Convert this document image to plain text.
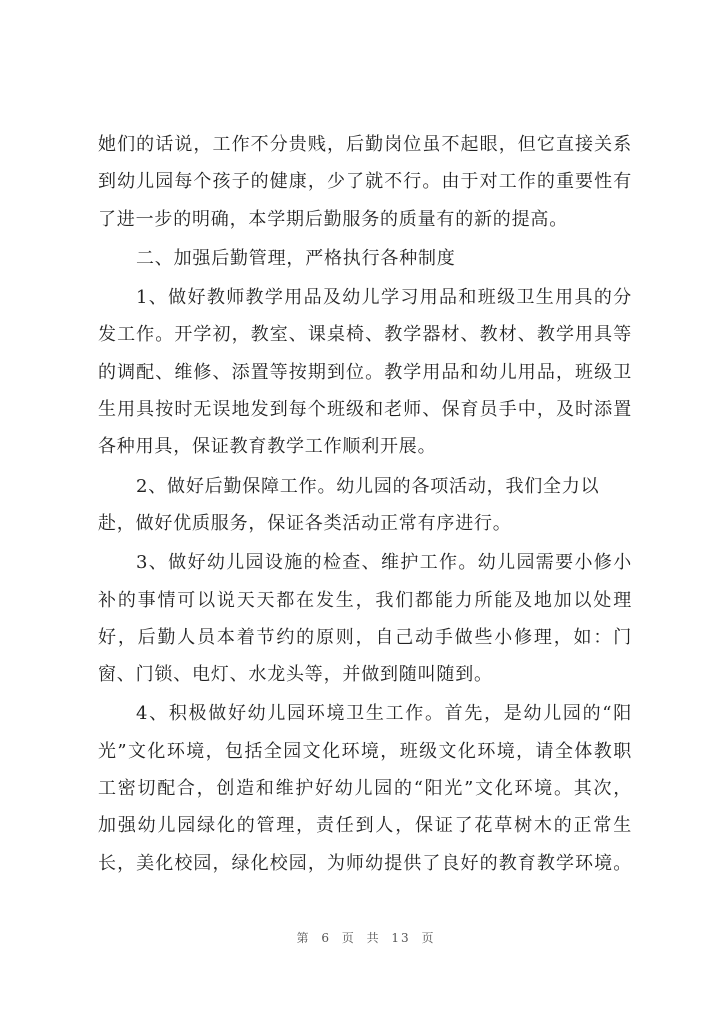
她们的话说，工作不分贵贱，后勤岗位虽不起眼，但它直接关系
到幼儿园每个孩子的健康，少了就不行。由于对工作的重要性有
了进一步的明确，本学期后勤服务的质量有的新的提高。
二、加强后勤管理，严格执行各种制度
1、做好教师教学用品及幼儿学习用品和班级卫生用具的分
发工作。开学初，教室、课桌椅、教学器材、教材、教学用具等
的调配、维修、添置等按期到位。教学用品和幼儿用品，班级卫
生用具按时无误地发到每个班级和老师、保育员手中，及时添置
各种用具，保证教育教学工作顺利开展。
2、做好后勤保障工作。幼儿园的各项活动，我们全力以
赴，做好优质服务，保证各类活动正常有序进行。
3、做好幼儿园设施的检查、维护工作。幼儿园需要小修小
补的事情可以说天天都在发生，我们都能力所能及地加以处理
好，后勤人员本着节约的原则，自己动手做些小修理，如：门
窗、门锁、电灯、水龙头等，并做到随叫随到。
4、积极做好幼儿园环境卫生工作。首先，是幼儿园的“阳
光”文化环境，包括全园文化环境，班级文化环境，请全体教职
工密切配合，创造和维护好幼儿园的“阳光”文化环境。其次，
加强幼儿园绿化的管理，责任到人，保证了花草树木的正常生
长，美化校园，绿化校园，为师幼提供了良好的教育教学环境。
第 6 页 共 13 页
